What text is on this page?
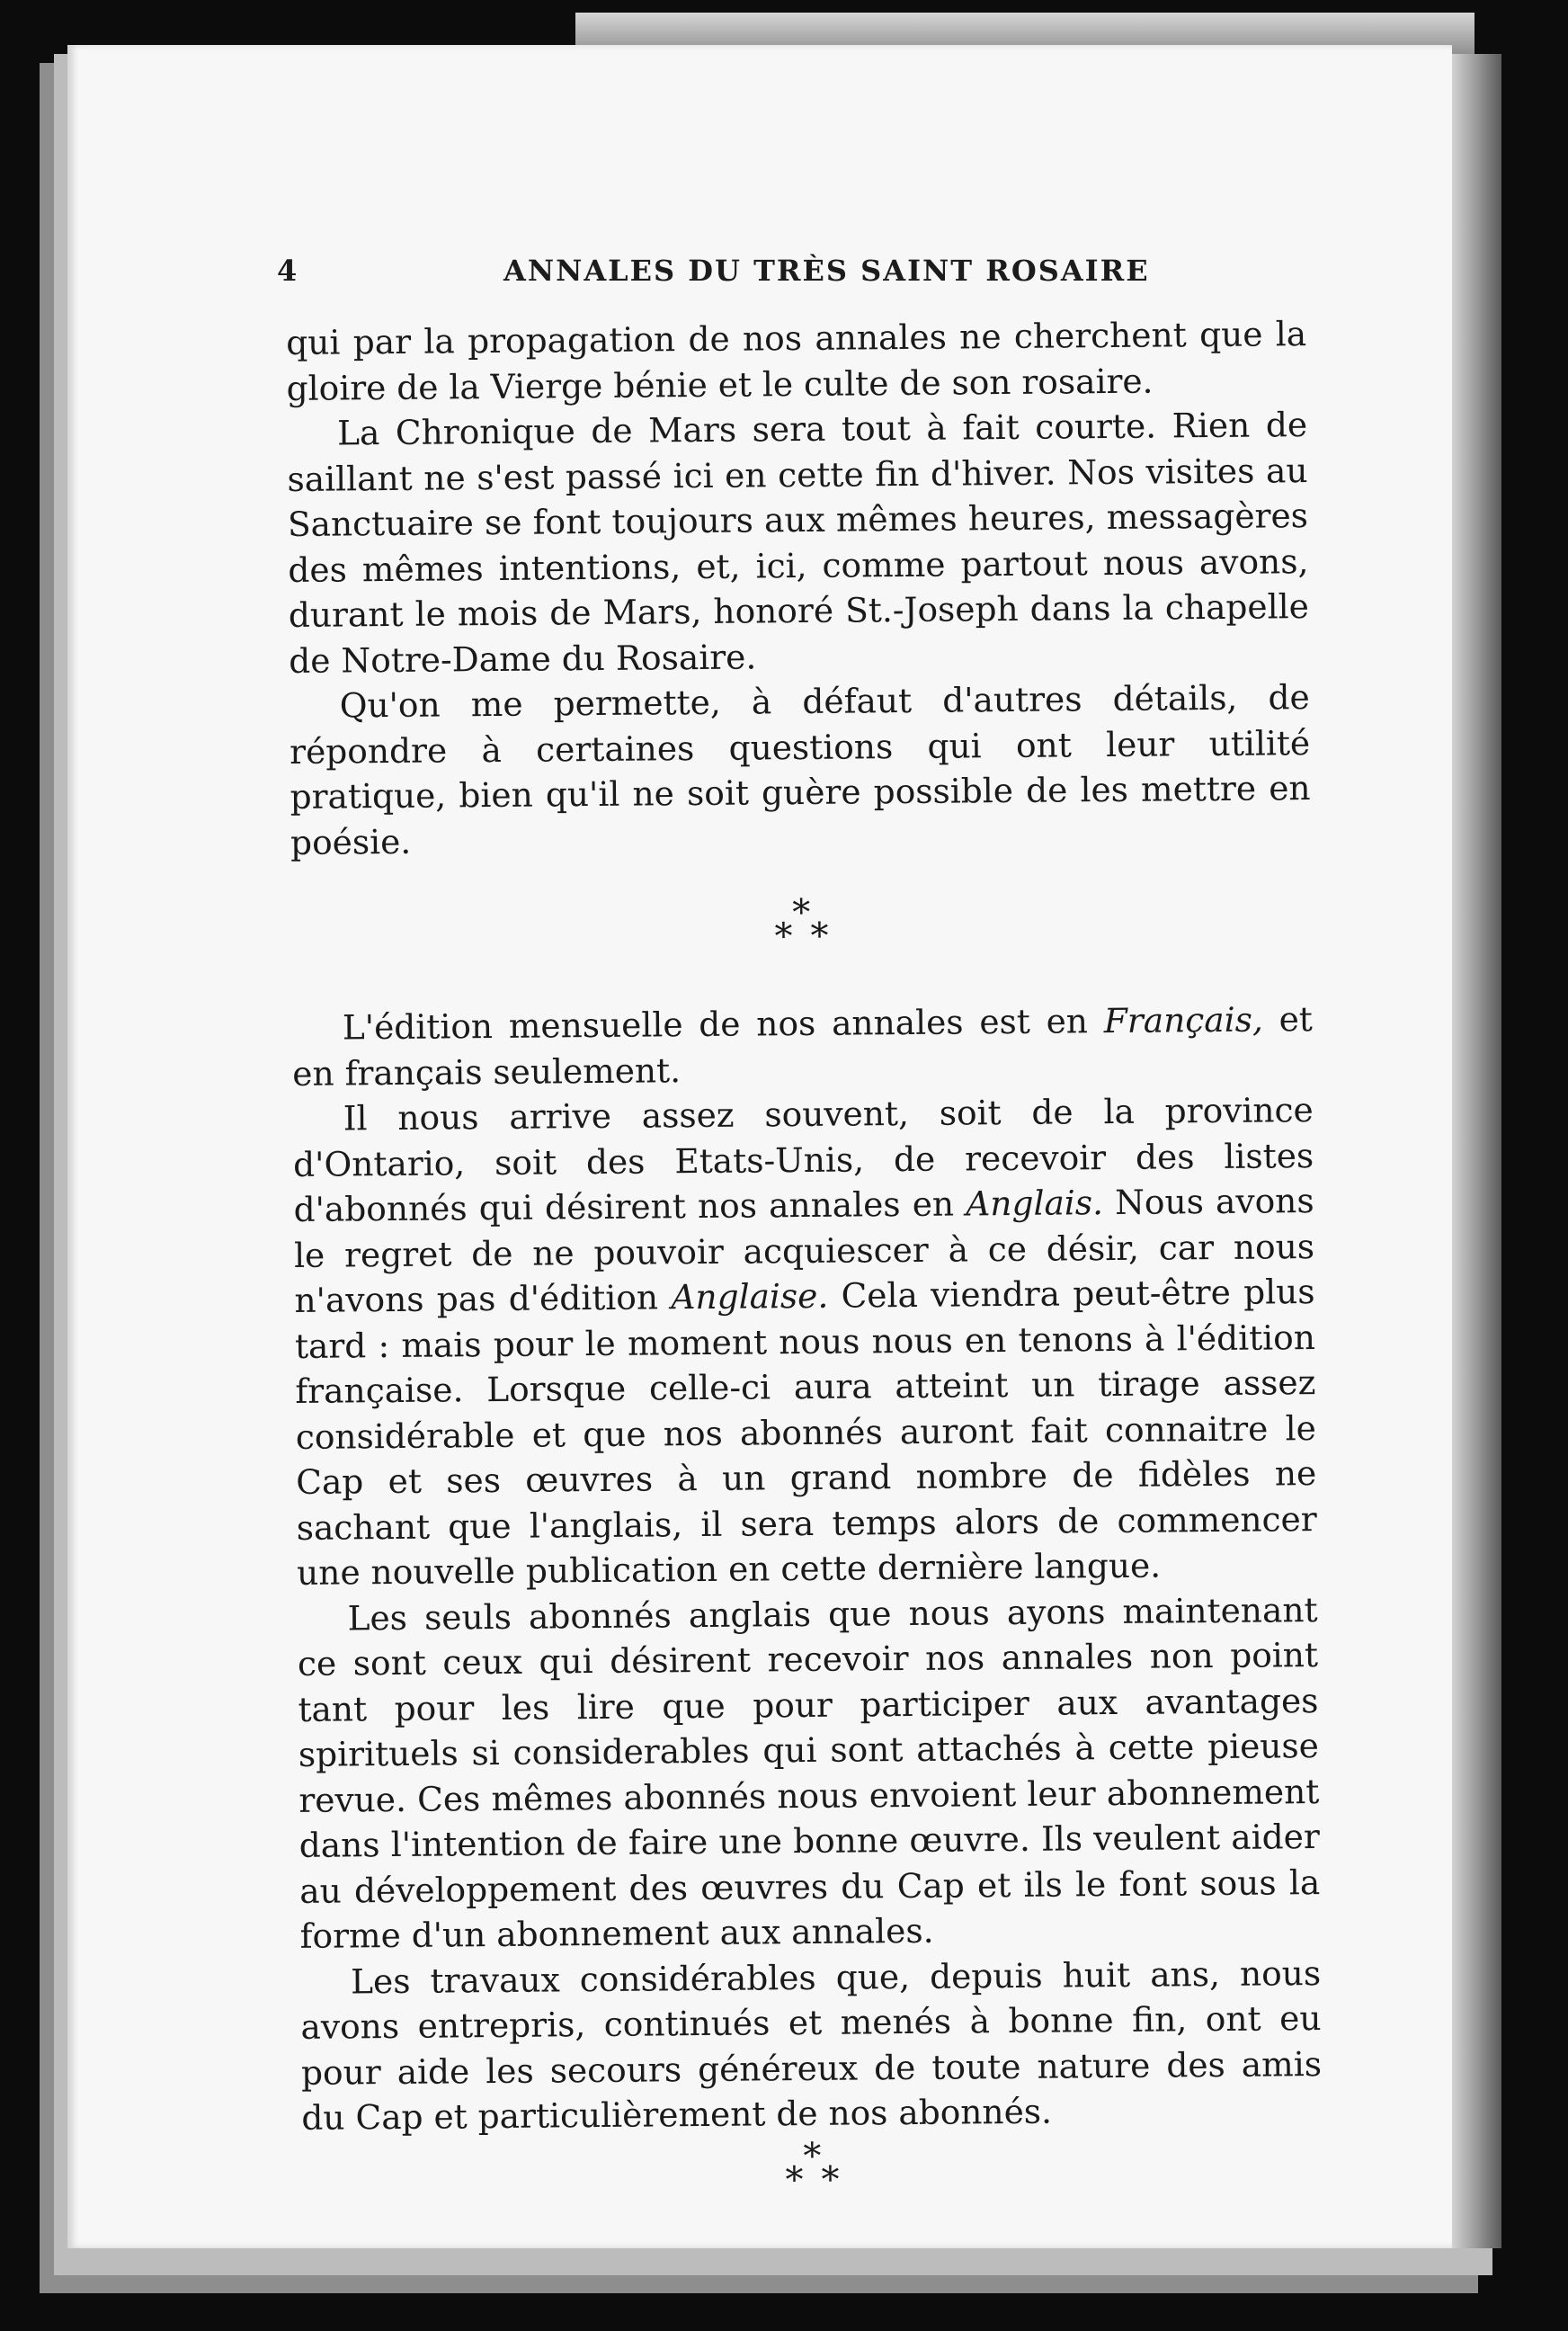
4	ANNALES DU TRÈS SAINT ROSAIRE

qui par la propagation de nos annales ne cherchent que la gloire de la Vierge bénie et le culte de son rosaire.

La Chronique de Mars sera tout à fait courte. Rien de saillant ne s'est passé ici en cette fin d'hiver. Nos visites au Sanctuaire se font toujours aux mêmes heures, messagères des mêmes intentions, et, ici, comme partout nous avons, durant le mois de Mars, honoré St.-Joseph dans la chapelle de Notre-Dame du Rosaire.

Qu'on me permette, à défaut d'autres détails, de répondre à certaines questions qui ont leur utilité pratique, bien qu'il ne soit guère possible de les mettre en poésie.

***

L'édition mensuelle de nos annales est en Français, et en français seulement.

Il nous arrive assez souvent, soit de la province d'Ontario, soit des Etats-Unis, de recevoir des listes d'abonnés qui désirent nos annales en Anglais. Nous avons le regret de ne pouvoir acquiescer à ce désir, car nous n'avons pas d'édition Anglaise. Cela viendra peut-être plus tard : mais pour le moment nous nous en tenons à l'édition française. Lorsque celle-ci aura atteint un tirage assez considérable et que nos abonnés auront fait connaitre le Cap et ses œuvres à un grand nombre de fidèles ne sachant que l'anglais, il sera temps alors de commencer une nouvelle publication en cette dernière langue.

Les seuls abonnés anglais que nous ayons maintenant ce sont ceux qui désirent recevoir nos annales non point tant pour les lire que pour participer aux avantages spirituels si considerables qui sont attachés à cette pieuse revue. Ces mêmes abonnés nous envoient leur abonnement dans l'intention de faire une bonne œuvre. Ils veulent aider au développement des œuvres du Cap et ils le font sous la forme d'un abonnement aux annales.

Les travaux considérables que, depuis huit ans, nous avons entrepris, continués et menés à bonne fin, ont eu pour aide les secours généreux de toute nature des amis du Cap et particulièrement de nos abonnés.

***
